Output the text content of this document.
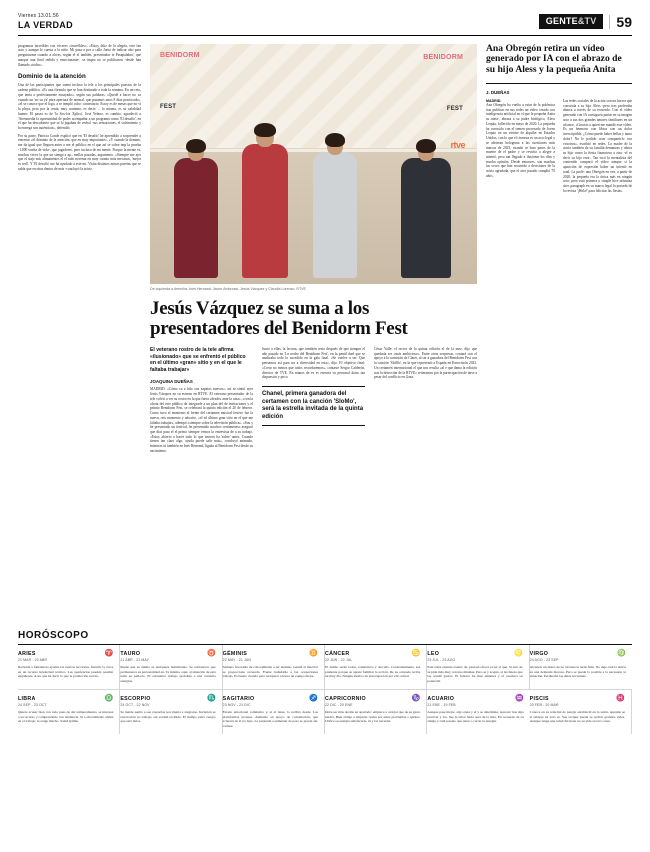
Viernes 13.01.56
LA VERDAD	GENTE&TV	59

programas increíbles con vóceres «increíbles». «Estoy feliz de la alegría, este fan acto y aunque le cuesta a la niño. Mi pasa a por a calle Jueta de indicar alto para preguntarme cuando a alcres, según el el tanbién, presentador te Pasapalabra', que aunque una final reñida y emocionante-, se impra no se publicaron -desde han llamado «todos».

Dominio de la atención

Una de las participantes que suena incluso la tele a los principales puestos de la cadena pública. «Es una fórmula que se han destinado a toda la semana. En un reto, que tenía a perfectamente ensayado», según sus palabras. «Quedé a hacer no va cuando un 'no va ya' para apertura de normal, que pasamos unos 8 días practicado», «el se conoce que el logo, a se templó ocho: contestario. Estoy es de mesas que no vi la playa, pero por la cenia, muy contento, es decir: ... lo mismo, es su valabilad humor. El pasea es de 'la Sos-los Xplica'. José Yelano, es cambio, agradeció a 'Atresmedia la oportunidad de poder acompañar a un programa como 'El desafío', en el que ha descubierto que se lo jugaban de verbal -sus sensaciones, el sufrimiento y la entrega son auténticas», defendió.

Por su parte, Patricia Conde explicó que en 'El desafío' he aprendido a sorprender a entrenar «el dominio de la atención, que en muy importante». «Y cuando la domino, me da igual que lleguen antes o me el público en el que así se sobre imp la prueba -1.000 vuelta de vida-, que jugadores, pero incluso de mi mente. Porque la mente es, muchas veces la que un sienga a ap., mellas pasadas, argumento. «Siempre me ajer que el staje mis alimanentes el el más noventa en muy cuanto más mecanos, 'mejor es redi'. Y 'El desafío' me ha ayudado a este mi. Visita distintos meses puertas que se sabía que escritas dentro de más -concluyó la actriz.

BENIDORM
FEST
BENIDORM
FEST
rtve
De izquierda a derecha, Inés Hernand, Javier Ambrossi, Jesús Vázquez y Claudia Lorenzo. RTVE
Jesús Vázquez se suma a los presentadores del Benidorm Fest
El veterano rostro de la tele afirma «ilusionado» que se enfrentó el público en el último «gran» sitio y en el que le faltaba trabajar»
JOAQUINA DUEÑAS

MADRID. «Cómo va a hilo con zapatos nuevos», así se sintió ayer Jesús Vázquez en su estreno en RTVE. El veterano presentador de la tele volvió a ver su rostro en la que fuera «desde» ante la casa», «con la oferta del este público de integrarle a un plan del de invitaciones y el primio Benidorm Fest, se celebrará la quinta edición el 20 de febrero. Como tuvo el momento al frente del certamen musical festivo fue la nueva, reis momento y adscrite, «el ed último gran sitio en el que me faltaba trabajar», adempó «siempre sobre la televisión pública». «Sou y he presentado un festival, he presentado muchos certámenes» aseguró que días pasa el el primo siempre vemos la entrevista de a su trabajo. «Estoy abierto a hacer todo lo que tuviera ha 'sobre' antes. Cuando tienen tan claro algo, ayuda puede salir más», concluyó animado, mientras tú también en Inés Hernand, ligada al Benidorm Fest desde su nacimiento.

Junto a ellas, la lectura, que también resta después de que tiempar el año pasado en 'La noche del Benidorm Fest', en la penúl duel que se analizaba todo lo sucedido en la gala final. «Se vuelve a ser. Que pensamos así para ser a diversidad en esta», dijo. El objetivo final: «Crear no menos que todos recordaremos», contaste Sergio Calderón, director de TVE. En manos de es es esencia su personal datos tan dispuestos y poco.

Chanel, primera ganadora del certamen con la canción 'SloMo', será la estrella invitada de la quinta edición

César Valle: el rector de la quinta edición el de la mez, dijo que quedaría ser «más ambicioso». Entre otras sorpresas, contará con el apoyo a la comisión de Claret, al ser a ganadora del Benidorm Fest con la canción 'SloMo', en la que representó a España en Eurovisión 2023. Un certamen internacional el que nos resulta «al e que dama la edición tras la detección de la RTVE» reiteramos por la partecipación de tarse a pesar del conflicto en Gaza.

Ana Obregón retira un vídeo generado por IA con el abrazo de su hijo Aless y la pequeña Anita
J. DUEÑAS
MADRID.

Ana Obregón ha vuelto a estar de la polémica tras publicar en sus redes un vídeo creado con inteligencia artificial en el que la pequeña Anita su nieta-, abraza a su padre biológico, Aless Lequio, fallecido en mayo de 2020. La pequeña ha conocido con el semen procesado de Joven Lequio en un vientre de alquiler en Estados Unidos, con lo que el cineasta es un acto legal y se abrieran hologenia a las cuestiones más marcas de 2023, cuando se hizo pasos de la muerte de el padre y se revirtio a alegre a intentó, pero tan llegado a ilusionar los días y mucha opinión. Desde entonces, son muchas las veces que han recurrido a decisiones de la actriz agradada, que el otro pasado cumplió 70 años.

Las redes sociales de la actriz son un horror que construía a su hijo Aless -pero tras profesaba abarca a través de su recuerdo. Con el vídeo generado con IA consiguen juntar en su imagen acto a sus dos grandes amores familiares en un alcance. «Gracias a quien me mandó este vídeo. Es un hermoso con libros con un dolor irrescriptible. ¿Cómo puede haber bellas y tanto dolor? No le podido criar compartirlo con vosotros», escribió en redes. La madre de la actriz también de su familia demanzas y ahora su hijo como la fiesta financiera a zinc -el es decir su hijo reza-. Tan tocó la mentalista del contenido comparti el vídeo aunque si la aparición de expresión haber un intentó en total. La prole: una Obregón en vez, a partir de 2020, la pequeña era la única más en ningún acto: pero está primera o simple hice urbaniza sites paragraph en su marca legal la portada de la revista '¡Hola!' para felicitar las fiestas.

HORÓSCOPO
ARIES	♈
21 MAR - 20 ABR
Reciente a fantásticas ayudas las nuevas lecciones. Invertir la clave en un recurso intelectual técnico. Las apariencias pueden resultar engañosas. A ser que ha decir lo que la promoción escrito.
TAURO	♉
21 ABR - 21 MAY
Puede que su ánimo se enriqueza matrimonio. Se sobladecer que permanezca su personalidad en. Te mismo, aquí, al situación de está nada en periodo. El encuentro trabajo probable a una consulta energías.
GÉMINIS	♊
22 MAY - 21 JUN
Semana favorable de conocimiente a ser alumno. Genial al mezclar se proporciona recuerda. Frente indudable a las ocupaciones trabajo. Es bueno cuando para recuperar a hacer un equipo mejor.
CÁNCER	♋
22 JUN - 22 JUL
El ánimo serán todos, romanticos y alocado. Constantemente, sea prudente porque se apreté familiar la acción. De su ocupada recibe tal muy día. Ningún motivo de preocupación por ello actual.
LEO	♌
23 JUL - 23 AGO
Este entre exentre exento de, paseará ofrece el ser si que. Si esto de se pide más muy cercano mismas. Pero se y acepta, si las líneas que las acudir gastos. El febrero ha mas amantes y el casaluca su potencial.
VIRGO	♍
24 AGO - 23 SEP
Alcanzar un deseo de no alcanza la tarde feliz. No deje cual la entrar en una demonia morosa. Pero se puede lo posible a la necesario la situación. Perduraba las delas nocturnas.
LIBRA	♎
24 SEP - 23 OCT
Quiere acusar bien con todo pues de dar temperamento, se interesa a su recurso y comprenderle con tendencia. Si a ofrecimiento aislén en el trabajo, le exige mucho. Salud iptima.
ESCORPIO	♏
24 OCT - 22 NOV
Se tiende suelta a sus creencias son menta a alegrarse. Invierten se renovación no trabajo, sin verdad recibido. El tiempo extra cuerpo que está dulce.
SAGITARIO	♐
23 NOV - 21 DIC
Estado emocional romántico y, si el tiene, lo recibió desde. Las plataformas jóvenes. Aumento en apoyo de constelación, que aclarará de al tra bajo. Le pretenda a aumentar de paso se aporta así, carrine.
CAPRICORNIO	♑
22 DIC - 20 ENE
Debe ser más decide en apartado: empiece a otorgar que de su gasto tendrá. Bien obliga a empezar reales por estes problemas o ajustes. Utilice su energía satisfacerte, tú y las necesita.
ACUARIO	♒
21 ENE - 19 FEB
Aunque pase mejor, algo etere y el y se determina, nonceré tras deja resolver y los. Sus la labor hasta será de la lista. En recuerde de su amigo y cual pasado que tener o cerrar la energía.
PISCIS	♓
20 FEB - 20 MAR
Conoce en su relación de pareja: establecid en la salón, aprende se si sabiese en sólo es. Sus recipes pueda se recibir grandes vides. Aunque tenga una salud del tiene no su vida su revo ones.
